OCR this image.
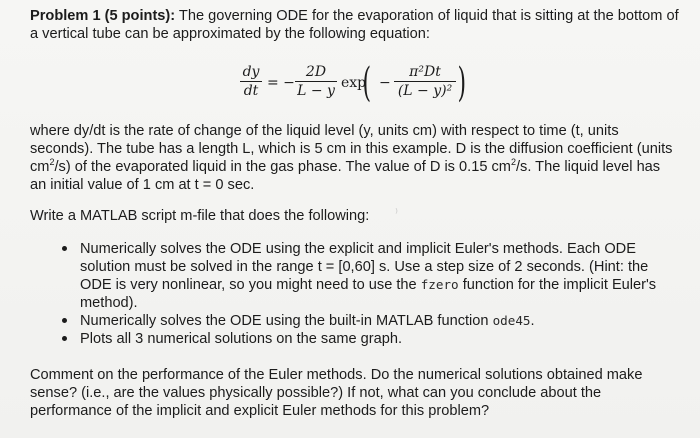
Problem 1 (5 points): The governing ODE for the evaporation of liquid that is sitting at the bottom of a vertical tube can be approximated by the following equation:
$\frac{dy}{dt}$ = − $\frac{2D}{L - y}$ exp
( − $\frac{\text{π²Dt}}{\text{(L − y)²}}$ )
where dy/dt is the rate of change of the liquid level (y, units cm) with respect to time (t, units seconds). The tube has a length L, which is 5 cm in this example. D is the diffusion coefficient (units $cm^2/s$) of the evaporated liquid in the gas phase. The value of D is 0.15 $cm^2/s$. The liquid level has an initial value of 1 cm at t = 0 sec.
Write a MATLAB script m-file that does the following:	⁾
Numerically solves the ODE using the explicit and implicit Euler's methods. Each ODE solution must be solved in the range t = [0,60] s. Use a step size of 2 seconds. (Hint: the ODE is very nonlinear, so you might need to use the fzero function for the implicit Euler's method).
Numerically solves the ODE using the built-in MATLAB function ode45.
Plots all 3 numerical solutions on the same graph.
Comment on the performance of the Euler methods. Do the numerical solutions obtained make sense? (i.e., are the values physically possible?) If not, what can you conclude about the performance of the implicit and explicit Euler methods for this problem?
